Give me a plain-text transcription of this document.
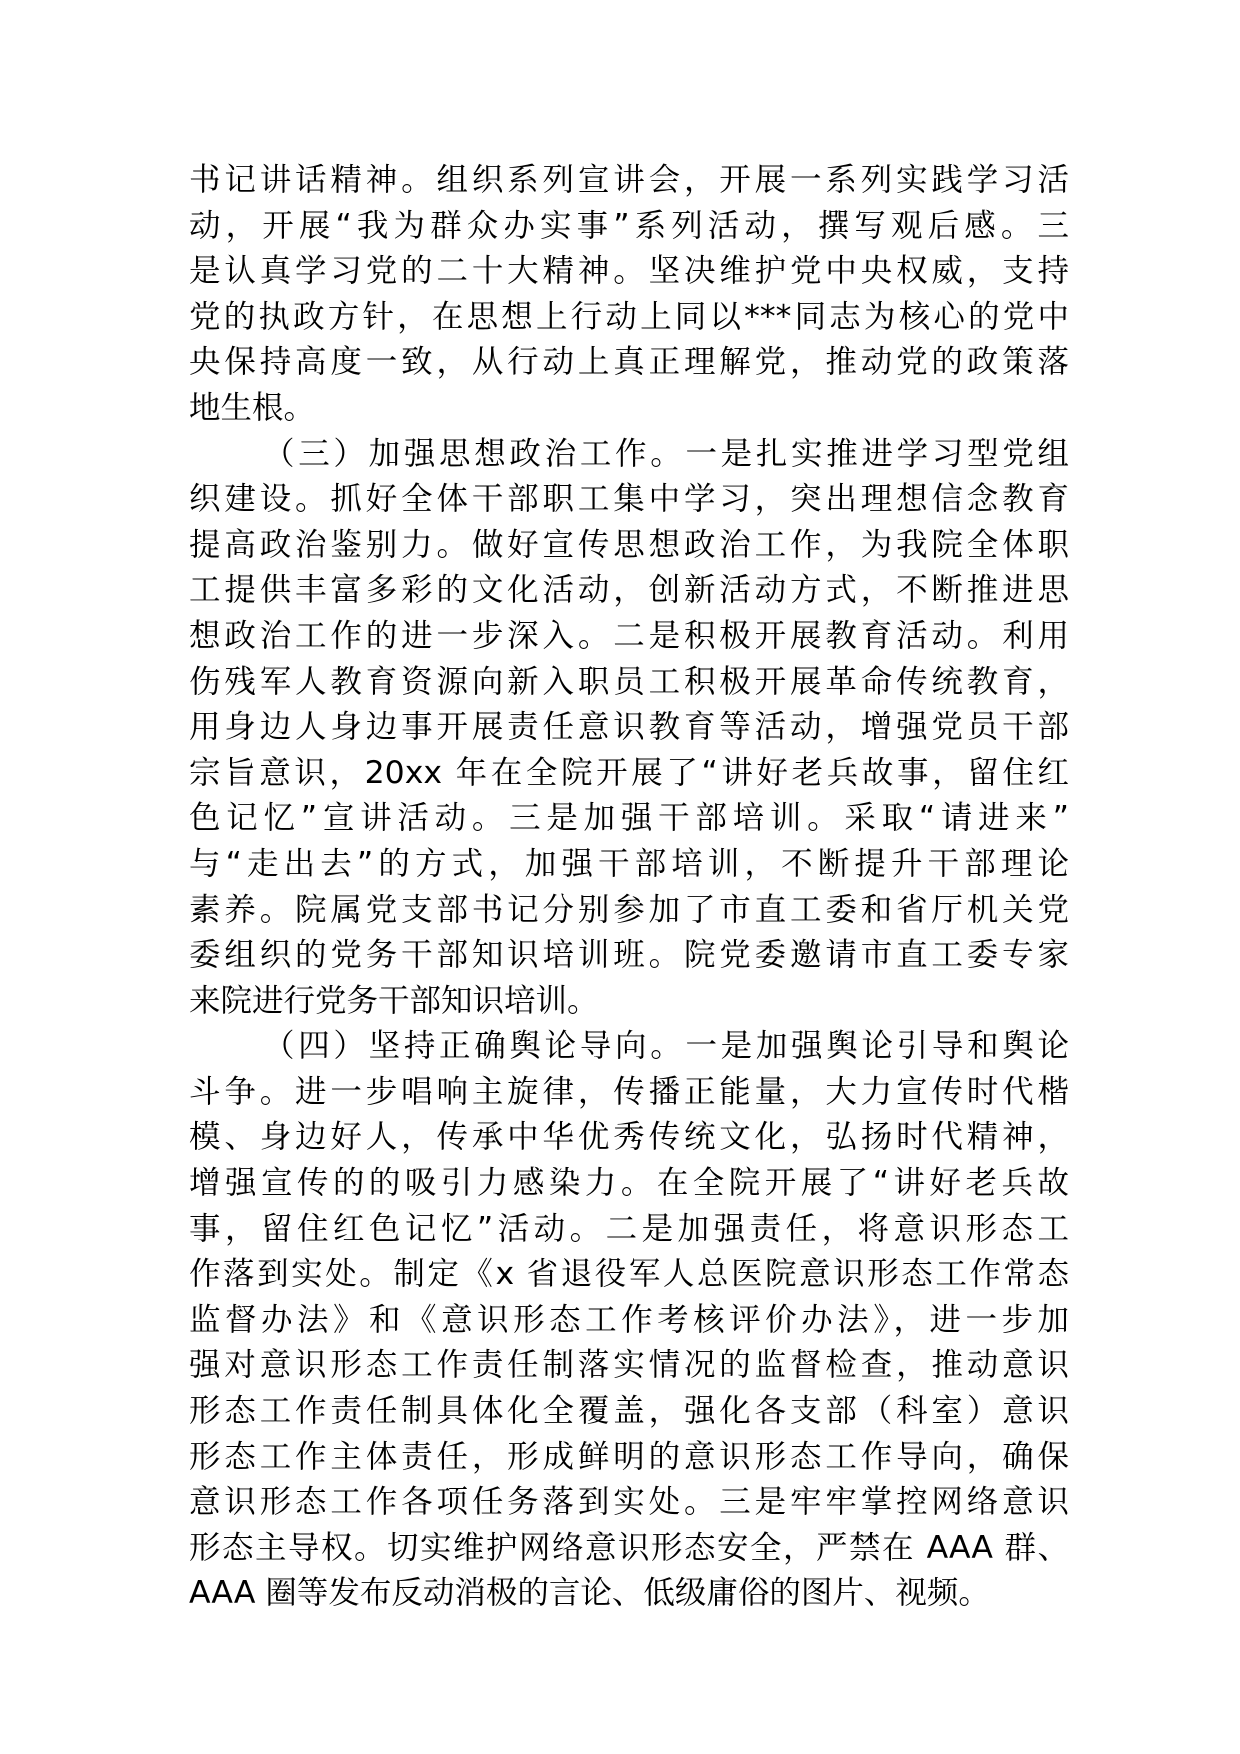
书记讲话精神。组织系列宣讲会，开展一系列实践学习活
动，开展“我为群众办实事”系列活动，撰写观后感。三
是认真学习党的二十大精神。坚决维护党中央权威，支持
党的执政方针，在思想上行动上同以***同志为核心的党中
央保持高度一致，从行动上真正理解党，推动党的政策落
地生根。
（三）加强思想政治工作。一是扎实推进学习型党组
织建设。抓好全体干部职工集中学习，突出理想信念教育
提高政治鉴别力。做好宣传思想政治工作，为我院全体职
工提供丰富多彩的文化活动，创新活动方式，不断推进思
想政治工作的进一步深入。二是积极开展教育活动。利用
伤残军人教育资源向新入职员工积极开展革命传统教育，
用身边人身边事开展责任意识教育等活动，增强党员干部
宗旨意识，20xx 年在全院开展了“讲好老兵故事，留住红
色记忆”宣讲活动。三是加强干部培训。采取“请进来”
与“走出去”的方式，加强干部培训，不断提升干部理论
素养。院属党支部书记分别参加了市直工委和省厅机关党
委组织的党务干部知识培训班。院党委邀请市直工委专家
来院进行党务干部知识培训。
（四）坚持正确舆论导向。一是加强舆论引导和舆论
斗争。进一步唱响主旋律，传播正能量，大力宣传时代楷
模、身边好人，传承中华优秀传统文化，弘扬时代精神，
增强宣传的的吸引力感染力。在全院开展了“讲好老兵故
事，留住红色记忆”活动。二是加强责任，将意识形态工
作落到实处。制定《x 省退役军人总医院意识形态工作常态
监督办法》和《意识形态工作考核评价办法》，进一步加
强对意识形态工作责任制落实情况的监督检查，推动意识
形态工作责任制具体化全覆盖，强化各支部（科室）意识
形态工作主体责任，形成鲜明的意识形态工作导向，确保
意识形态工作各项任务落到实处。三是牢牢掌控网络意识
形态主导权。切实维护网络意识形态安全，严禁在 AAA 群、
AAA 圈等发布反动消极的言论、低级庸俗的图片、视频。
